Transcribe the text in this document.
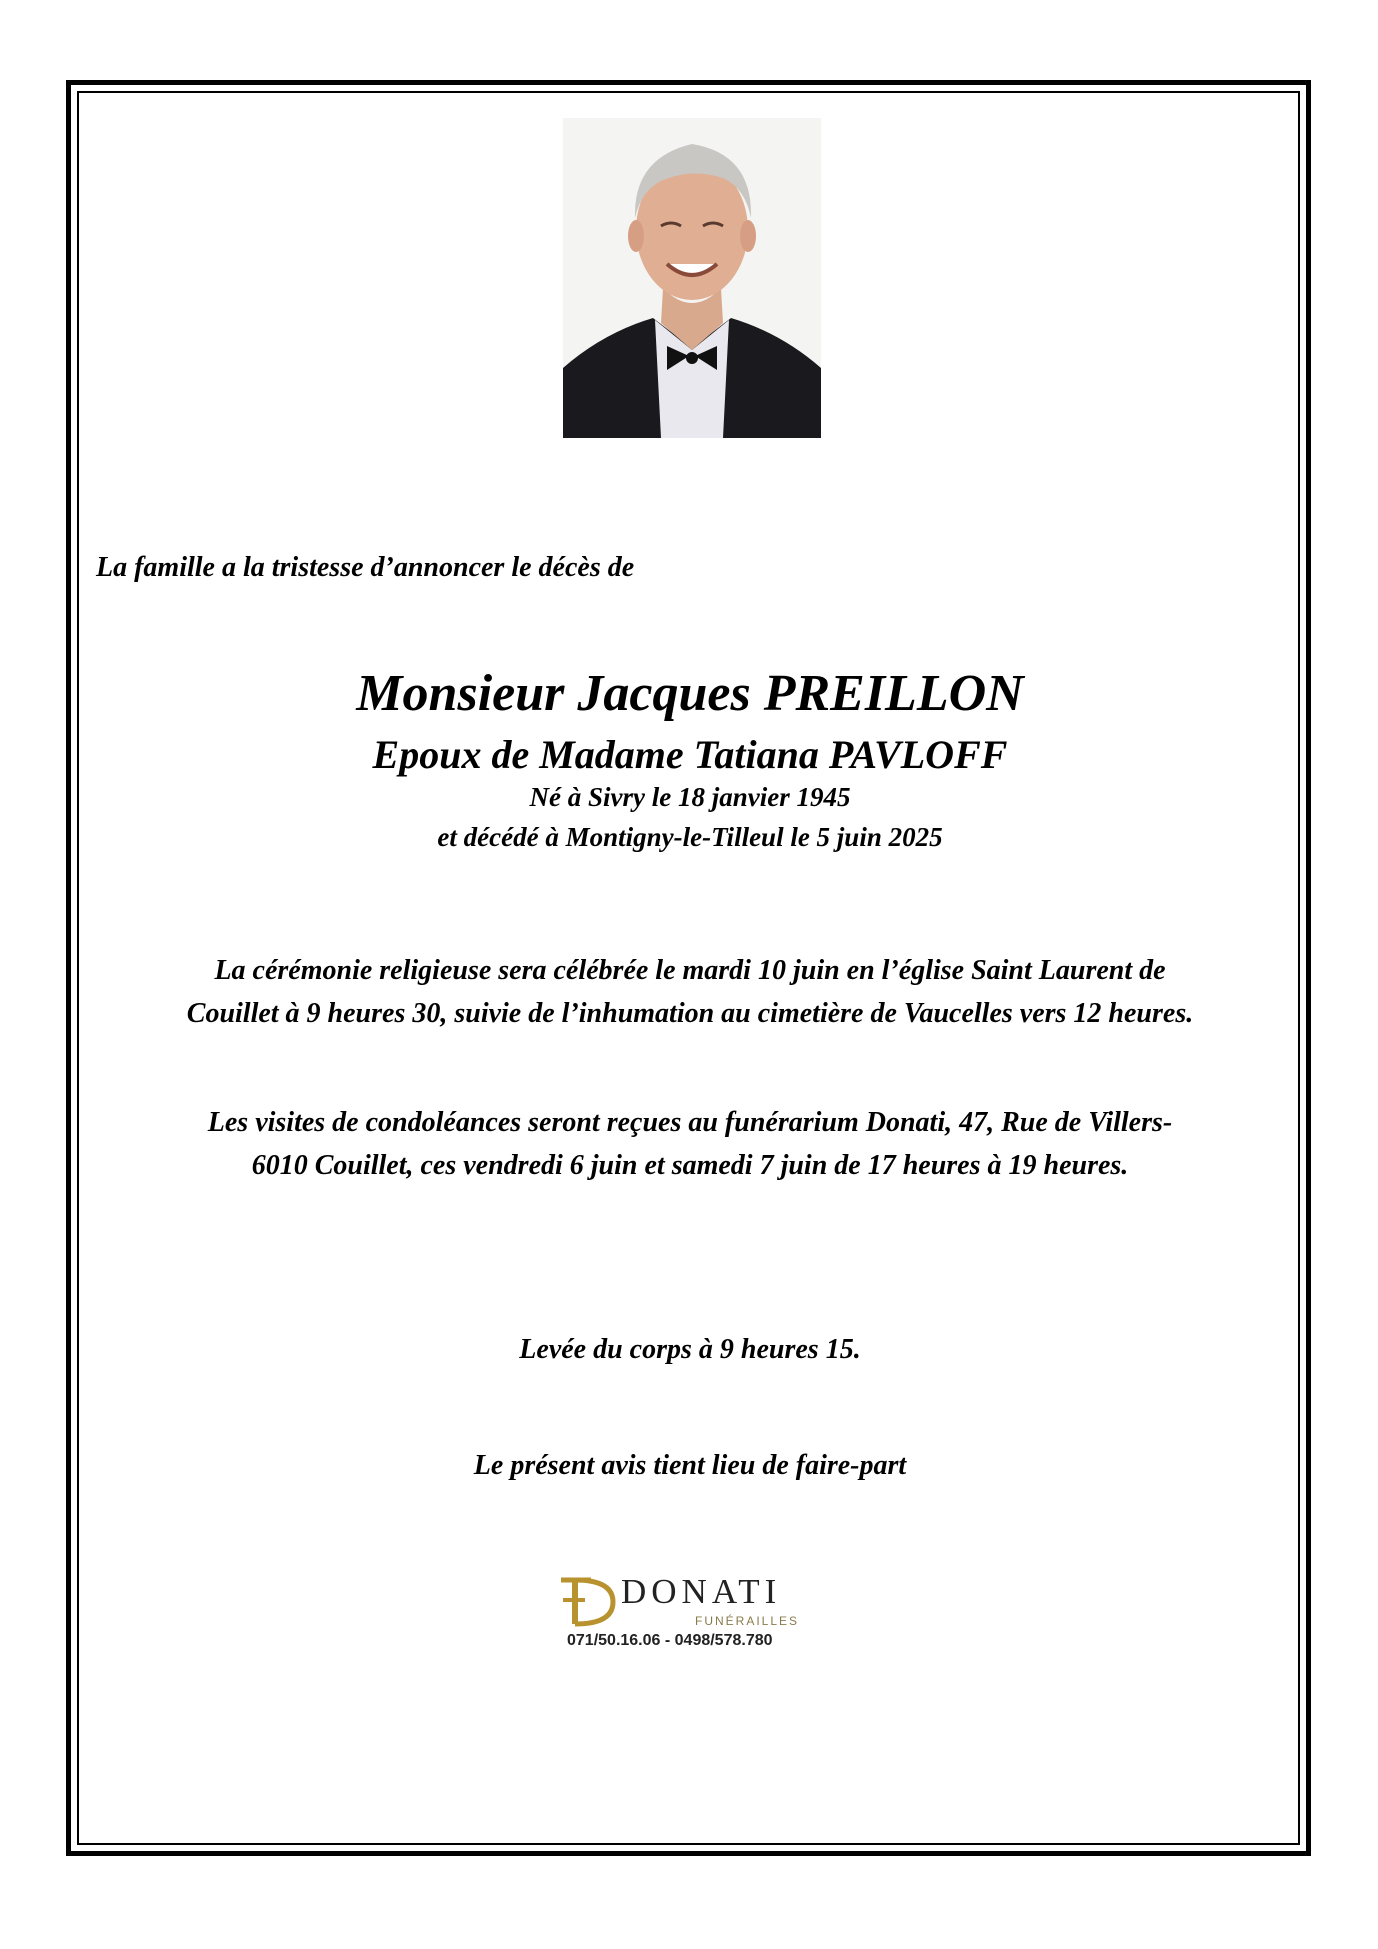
La famille a la tristesse d’annoncer le décès de
Monsieur Jacques PREILLON
Epoux de Madame Tatiana PAVLOFF
Né à Sivry le 18 janvier 1945
et décédé à Montigny-le-Tilleul le 5 juin 2025
La cérémonie religieuse sera célébrée le mardi 10 juin en l’église Saint Laurent de
Couillet à 9 heures 30, suivie de l’inhumation au cimetière de Vaucelles vers 12 heures.
Les visites de condoléances seront reçues au funérarium Donati, 47, Rue de Villers-
6010 Couillet, ces vendredi 6 juin et samedi 7 juin de 17 heures à 19 heures.
Levée du corps à 9 heures 15.
Le présent avis tient lieu de faire-part
DONATI
FUNÉRAILLES
071/50.16.06 - 0498/578.780
